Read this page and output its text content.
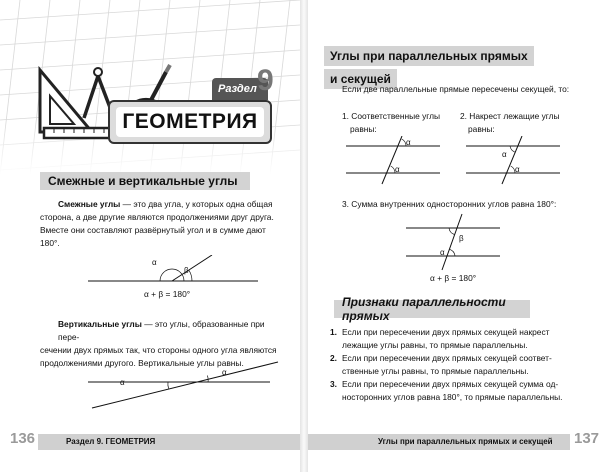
Раздел 9
ГЕОМЕТРИЯ
Смежные и вертикальные углы
Смежные углы — это два угла, у которых одна общая
сторона, а две другие являются продолжениями друг друга.
Вместе они составляют развёрнутый угол и в сумме дают
180°.
α
β
α + β = 180°
Вертикальные углы — это углы, образованные при пере-
сечении двух прямых так, что стороны одного угла являются
продолжениями другого. Вертикальные углы равны.
α
α
136	Раздел 9. ГЕОМЕТРИЯ
Углы при параллельных прямых
и секущей
Если две параллельные прямые пересечены секущей, то:
1. Соответственные углы
равны:
2. Накрест лежащие углы
равны:
α
α
α
α
3. Сумма внутренних односторонних углов равна 180°:
β
α
α + β = 180°
Признаки параллельности прямых
1. Если при пересечении двух прямых секущей накрест
лежащие углы равны, то прямые параллельны.
2. Если при пересечении двух прямых секущей соответ-
ственные углы равны, то прямые параллельны.
3. Если при пересечении двух прямых секущей сумма од-
носторонних углов равна 180°, то прямые параллельны.
Углы при параллельных прямых и секущей 137
